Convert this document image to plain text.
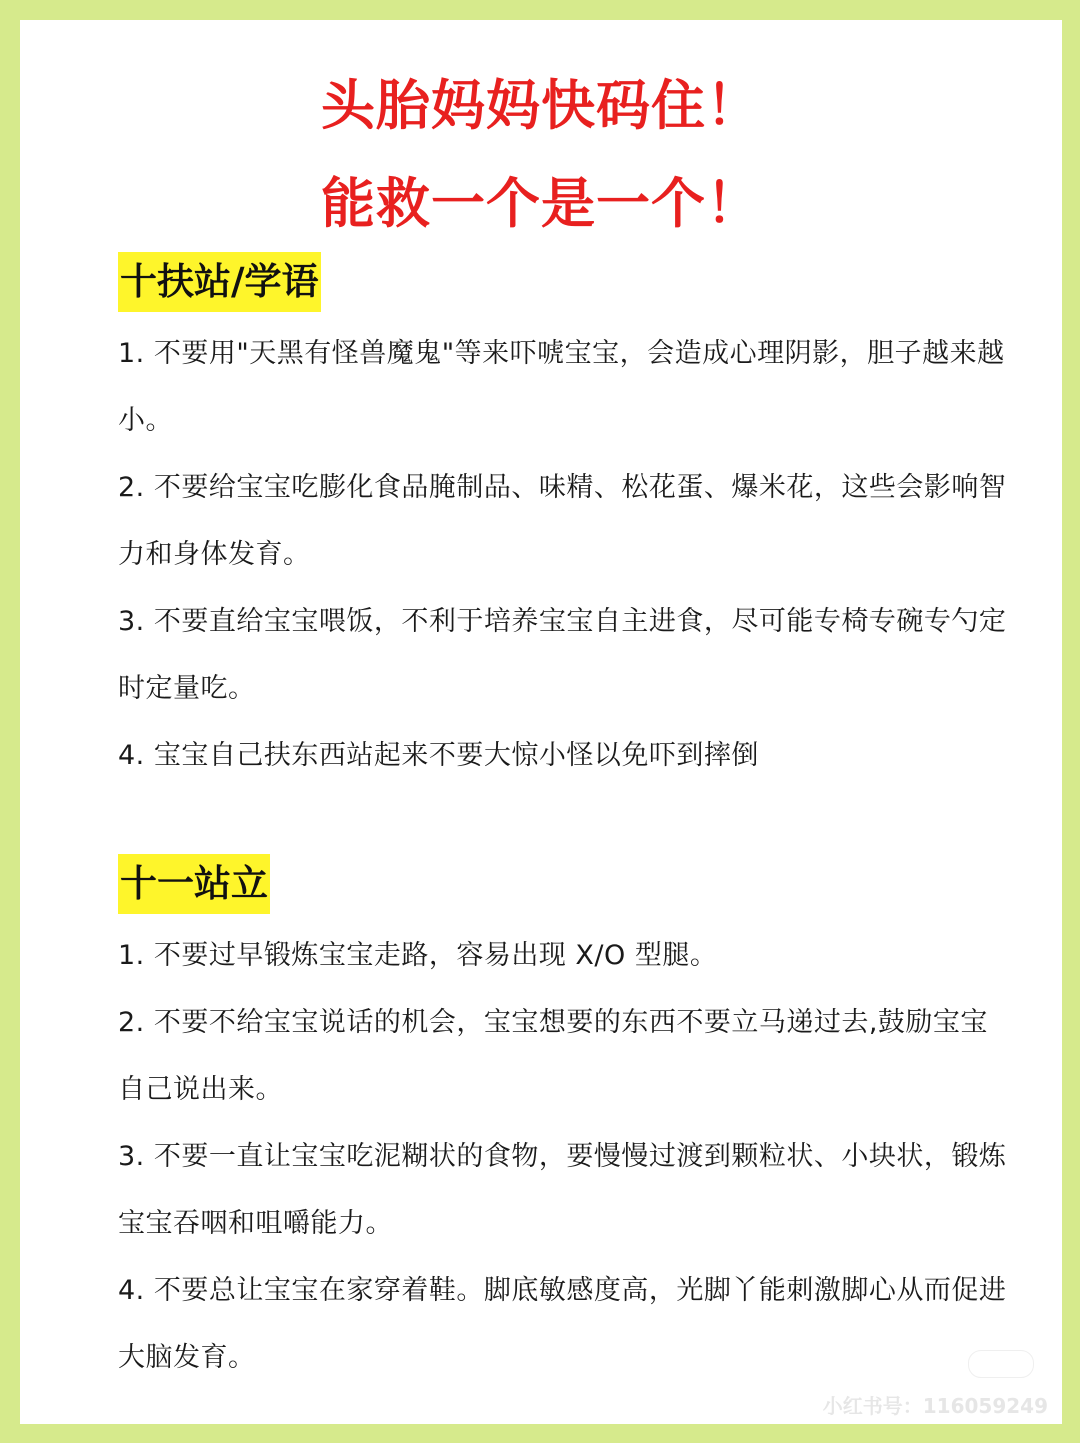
头胎妈妈快码住！
能救一个是一个！
十扶站/学语
1. 不要用"天黑有怪兽魔鬼"等来吓唬宝宝，会造成心理阴影，胆子越来越小。
2. 不要给宝宝吃膨化食品腌制品、味精、松花蛋、爆米花，这些会影响智力和身体发育。
3. 不要直给宝宝喂饭，不利于培养宝宝自主进食，尽可能专椅专碗专勺定时定量吃。
4. 宝宝自己扶东西站起来不要大惊小怪以免吓到摔倒
十一站立
1. 不要过早锻炼宝宝走路，容易出现 X/O 型腿。
2. 不要不给宝宝说话的机会，宝宝想要的东西不要立马递过去,鼓励宝宝自己说出来。
3. 不要一直让宝宝吃泥糊状的食物，要慢慢过渡到颗粒状、小块状，锻炼宝宝吞咽和咀嚼能力。
4. 不要总让宝宝在家穿着鞋。脚底敏感度高，光脚丫能刺激脚心从而促进大脑发育。
小红书号：116059249
